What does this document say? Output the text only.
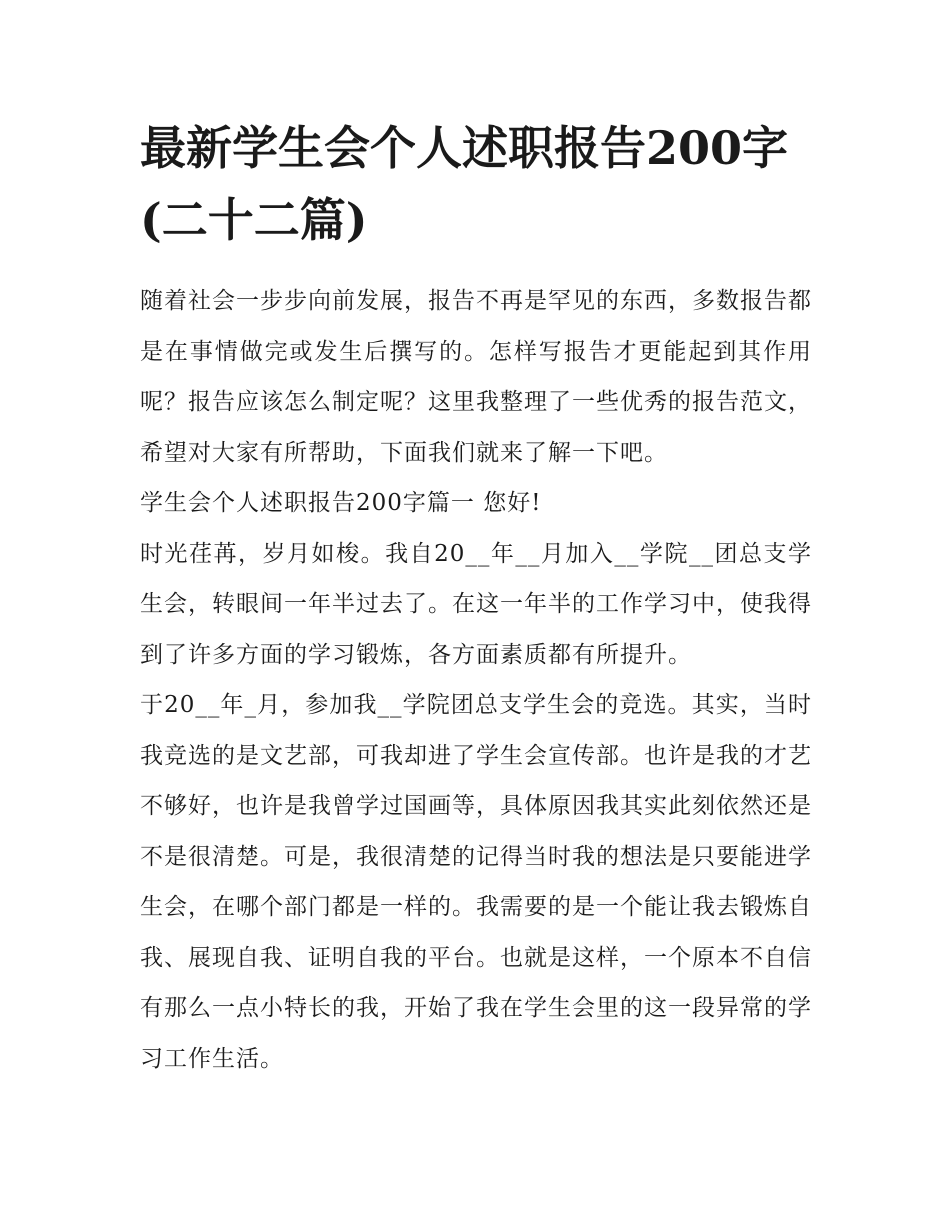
最新学生会个人述职报告200字(二十二篇)

随着社会一步步向前发展，报告不再是罕见的东西，多数报告都是在事情做完或发生后撰写的。怎样写报告才更能起到其作用呢？报告应该怎么制定呢？这里我整理了一些优秀的报告范文，希望对大家有所帮助，下面我们就来了解一下吧。

学生会个人述职报告200字篇一 您好!

时光荏苒，岁月如梭。我自20__年__月加入__学院__团总支学生会，转眼间一年半过去了。在这一年半的工作学习中，使我得到了许多方面的学习锻炼，各方面素质都有所提升。

于20__年_月，参加我__学院团总支学生会的竞选。其实，当时我竞选的是文艺部，可我却进了学生会宣传部。也许是我的才艺不够好，也许是我曾学过国画等，具体原因我其实此刻依然还是不是很清楚。可是，我很清楚的记得当时我的想法是只要能进学生会，在哪个部门都是一样的。我需要的是一个能让我去锻炼自我、展现自我、证明自我的平台。也就是这样，一个原本不自信有那么一点小特长的我，开始了我在学生会里的这一段异常的学习工作生活。
